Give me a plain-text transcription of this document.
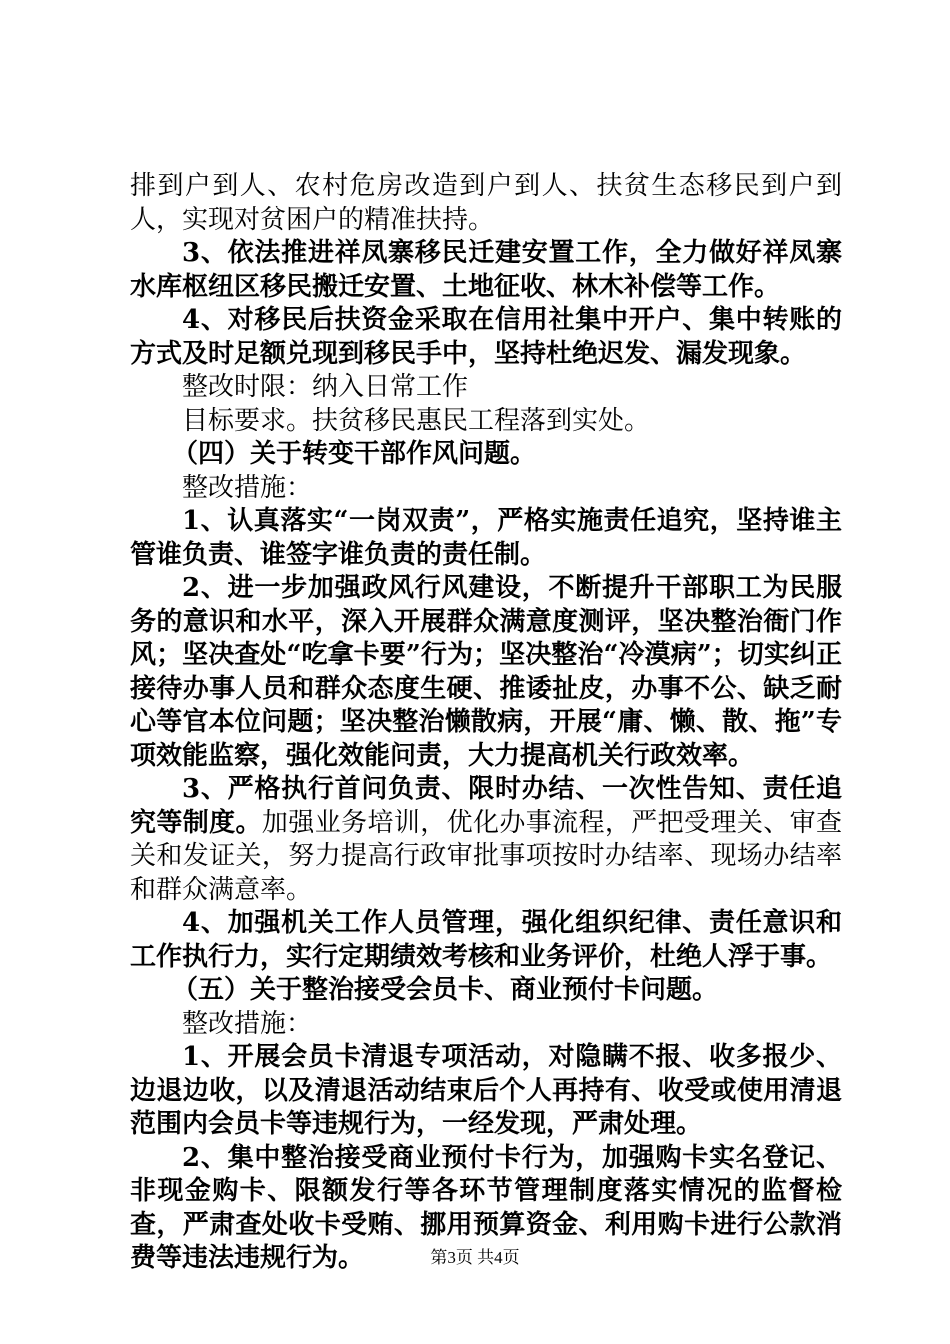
排到户到人、农村危房改造到户到人、扶贫生态移民到户到人，实现对贫困户的精准扶持。

3、依法推进祥凤寨移民迁建安置工作，全力做好祥凤寨水库枢纽区移民搬迁安置、土地征收、林木补偿等工作。

4、对移民后扶资金采取在信用社集中开户、集中转账的方式及时足额兑现到移民手中，坚持杜绝迟发、漏发现象。

整改时限：纳入日常工作

目标要求。扶贫移民惠民工程落到实处。

（四）关于转变干部作风问题。

整改措施：

1、认真落实“一岗双责”，严格实施责任追究，坚持谁主管谁负责、谁签字谁负责的责任制。

2、进一步加强政风行风建设，不断提升干部职工为民服务的意识和水平，深入开展群众满意度测评，坚决整治衙门作风；坚决查处“吃拿卡要”行为；坚决整治“冷漠病”；切实纠正接待办事人员和群众态度生硬、推诿扯皮，办事不公、缺乏耐心等官本位问题；坚决整治懒散病，开展“庸、懒、散、拖”专项效能监察，强化效能问责，大力提高机关行政效率。

3、严格执行首问负责、限时办结、一次性告知、责任追究等制度。加强业务培训，优化办事流程，严把受理关、审查关和发证关，努力提高行政审批事项按时办结率、现场办结率和群众满意率。

4、加强机关工作人员管理，强化组织纪律、责任意识和工作执行力，实行定期绩效考核和业务评价，杜绝人浮于事。

（五）关于整治接受会员卡、商业预付卡问题。

整改措施：

1、开展会员卡清退专项活动，对隐瞒不报、收多报少、边退边收，以及清退活动结束后个人再持有、收受或使用清退范围内会员卡等违规行为，一经发现，严肃处理。

2、集中整治接受商业预付卡行为，加强购卡实名登记、非现金购卡、限额发行等各环节管理制度落实情况的监督检查，严肃查处收卡受贿、挪用预算资金、利用购卡进行公款消费等违法违规行为。	第3页 共4页
